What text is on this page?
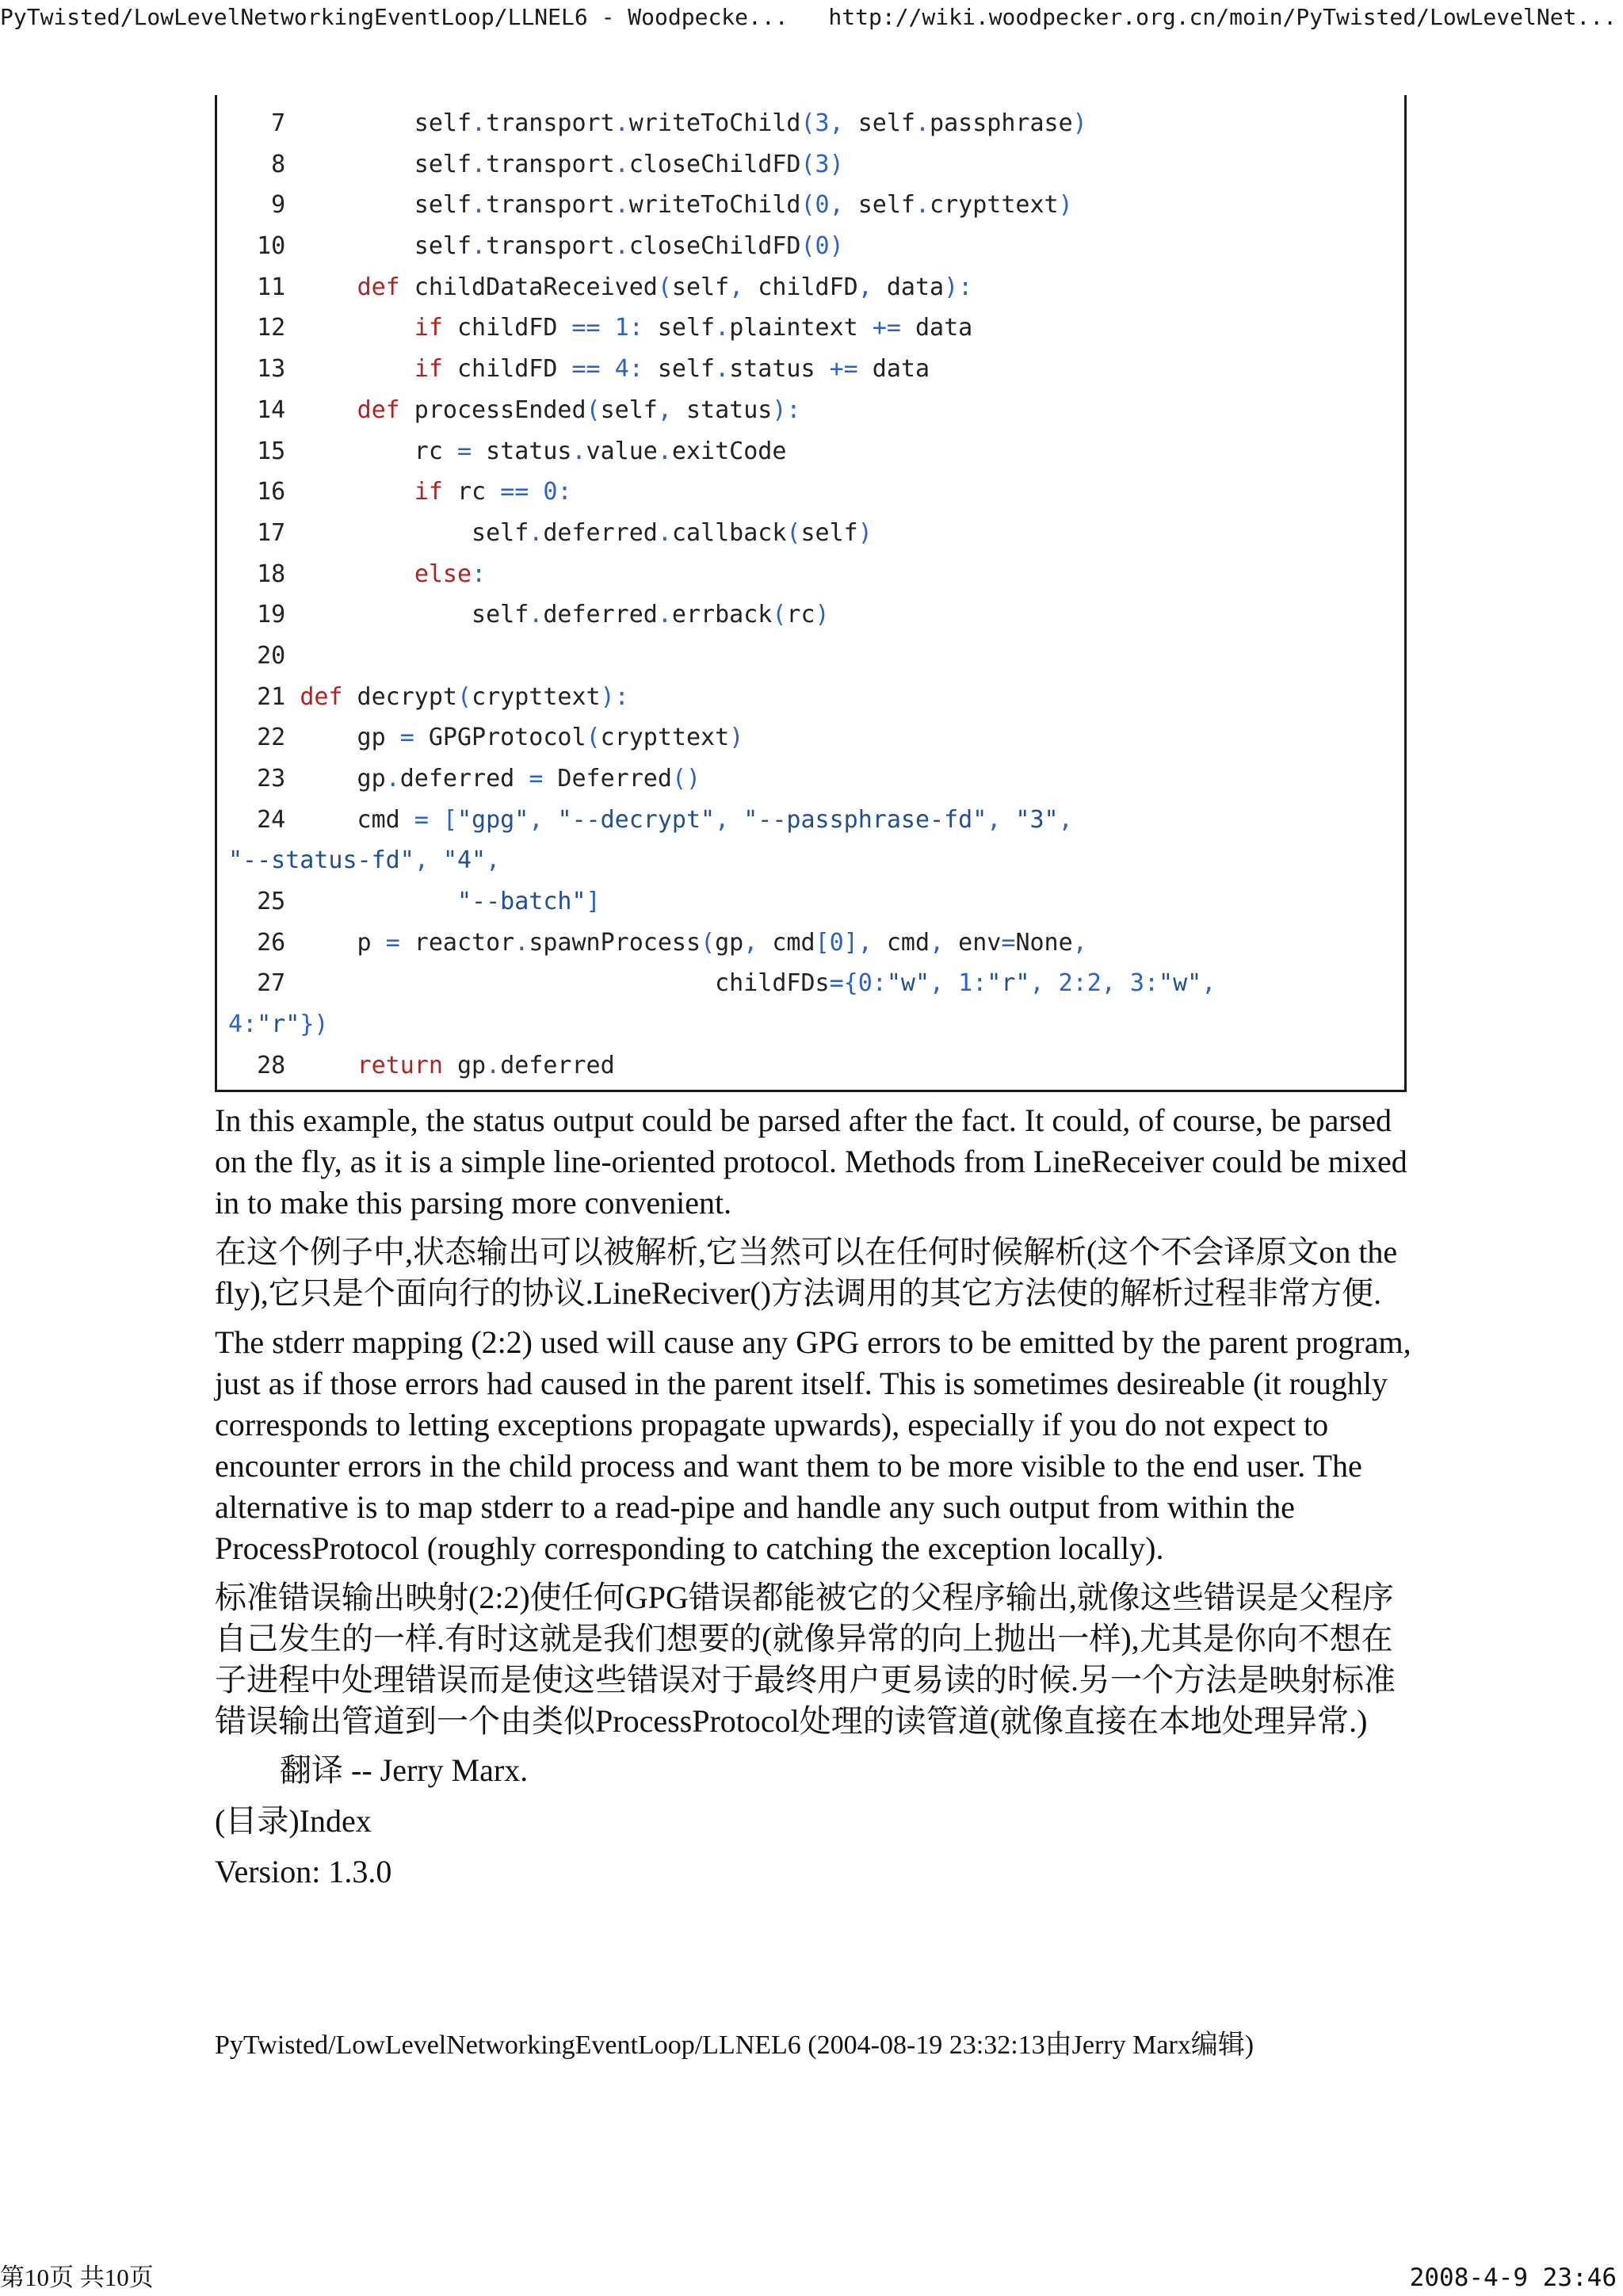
PyTwisted/LowLevelNetworkingEventLoop/LLNEL6 - Woodpecke... http://wiki.woodpecker.org.cn/moin/PyTwisted/LowLevelNet...
7         self.transport.writeToChild(3, self.passphrase)
8         self.transport.closeChildFD(3)
9         self.transport.writeToChild(0, self.crypttext)
10         self.transport.closeChildFD(0)
11     def childDataReceived(self, childFD, data):
12         if childFD == 1: self.plaintext += data
13         if childFD == 4: self.status += data
14     def processEnded(self, status):
15         rc = status.value.exitCode
16         if rc == 0:
17             self.deferred.callback(self)
18         else:
19             self.deferred.errback(rc)
20
21 def decrypt(crypttext):
22     gp = GPGProtocol(crypttext)
23     gp.deferred = Deferred()
24     cmd = ["gpg", "--decrypt", "--passphrase-fd", "3",
"--status-fd", "4",
25            "--batch"]
26     p = reactor.spawnProcess(gp, cmd[0], cmd, env=None,
27                              childFDs={0:"w", 1:"r", 2:2, 3:"w",
4:"r"})
28     return gp.deferred

In this example, the status output could be parsed after the fact. It could, of course, be parsed on the fly, as it is a simple line-oriented protocol. Methods from LineReceiver could be mixed in to make this parsing more convenient.

在这个例子中,状态输出可以被解析,它当然可以在任何时候解析(这个不会译原文on the fly),它只是个面向行的协议.LineReciver()方法调用的其它方法使的解析过程非常方便.

The stderr mapping (2:2) used will cause any GPG errors to be emitted by the parent program, just as if those errors had caused in the parent itself. This is sometimes desireable (it roughly corresponds to letting exceptions propagate upwards), especially if you do not expect to encounter errors in the child process and want them to be more visible to the end user. The alternative is to map stderr to a read-pipe and handle any such output from within the ProcessProtocol (roughly corresponding to catching the exception locally).

标准错误输出映射(2:2)使任何GPG错误都能被它的父程序输出,就像这些错误是父程序自己发生的一样.有时这就是我们想要的(就像异常的向上抛出一样),尤其是你向不想在子进程中处理错误而是使这些错误对于最终用户更易读的时候.另一个方法是映射标准错误输出管道到一个由类似ProcessProtocol处理的读管道(就像直接在本地处理异常.)

翻译 -- Jerry Marx.

(目录)Index

Version: 1.3.0

PyTwisted/LowLevelNetworkingEventLoop/LLNEL6 (2004-08-19 23:32:13由Jerry Marx编辑)
第10页 共10页	2008-4-9 23:46
